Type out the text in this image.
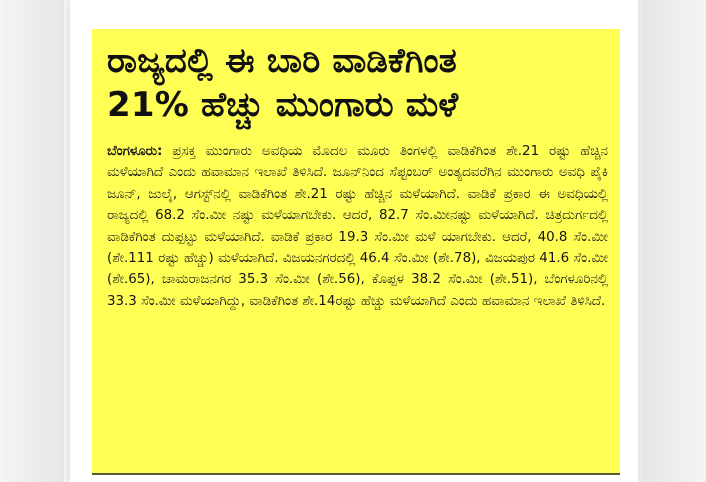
ರಾಜ್ಯದಲ್ಲಿ ಈ ಬಾರಿ ವಾಡಿಕೆಗಿಂತ
21% ಹೆಚ್ಚು ಮುಂಗಾರು ಮಳೆ
ಬೆಂಗಳೂರು: ಪ್ರಸಕ್ತ ಮುಂಗಾರು ಅವಧಿಯ ಮೊದಲ ಮೂರು ತಿಂಗಳಲ್ಲಿ ವಾಡಿಕೆಗಿಂತ ಶೇ.21 ರಷ್ಟು ಹೆಚ್ಚಿನ ಮಳೆಯಾಗಿದೆ ಎಂದು ಹವಾಮಾನ ಇಲಾಖೆ ತಿಳಿಸಿದೆ. ಜೂನ್‌ನಿಂದ ಸೆಪ್ಟಂಬರ್ ಅಂತ್ಯದವರೆಗಿನ ಮುಂಗಾರು ಅವಧಿ ಪೈಕಿ ಜೂನ್, ಜುಲೈ, ಆಗಸ್ಟ್‌ನಲ್ಲಿ ವಾಡಿಕೆಗಿಂತ ಶೇ.21 ರಷ್ಟು ಹೆಚ್ಚಿನ ಮಳೆಯಾಗಿದೆ. ವಾಡಿಕೆ ಪ್ರಕಾರ ಈ ಅವಧಿಯಲ್ಲಿ ರಾಜ್ಯದಲ್ಲಿ 68.2 ಸೆಂ.ಮೀ ನಷ್ಟು ಮಳೆಯಾಗಬೇಕು. ಆದರೆ, 82.7 ಸೆಂ.ಮೀನಷ್ಟು ಮಳೆಯಾಗಿದೆ. ಚಿತ್ರದುರ್ಗದಲ್ಲಿ ವಾಡಿಕೆಗಿಂತ ದುಪ್ಪಟ್ಟು ಮಳೆಯಾಗಿದೆ. ವಾಡಿಕೆ ಪ್ರಕಾರ 19.3 ಸೆಂ.ಮೀ ಮಳೆ ಯಾಗಬೇಕು. ಆದರೆ, 40.8 ಸೆಂ.ಮೀ (ಶೇ.111 ರಷ್ಟು ಹೆಚ್ಚು) ಮಳೆಯಾಗಿದೆ. ವಿಜಯನಗರದಲ್ಲಿ 46.4 ಸೆಂ.ಮೀ (ಶೇ.78), ವಿಜಯಪುರ 41.6 ಸೆಂ.ಮೀ (ಶೇ.65), ಚಾಮರಾಜನಗರ 35.3 ಸೆಂ.ಮೀ (ಶೇ.56), ಕೊಪ್ಪಳ 38.2 ಸೆಂ.ಮೀ (ಶೇ.51), ಬೆಂಗಳೂರಿನಲ್ಲಿ 33.3 ಸೆಂ.ಮೀ ಮಳೆಯಾಗಿದ್ದು, ವಾಡಿಕೆಗಿಂತ ಶೇ.14ರಷ್ಟು ಹೆಚ್ಚು ಮಳೆಯಾಗಿದೆ ಎಂದು ಹವಾಮಾನ ಇಲಾಖೆ ತಿಳಿಸಿದೆ.
